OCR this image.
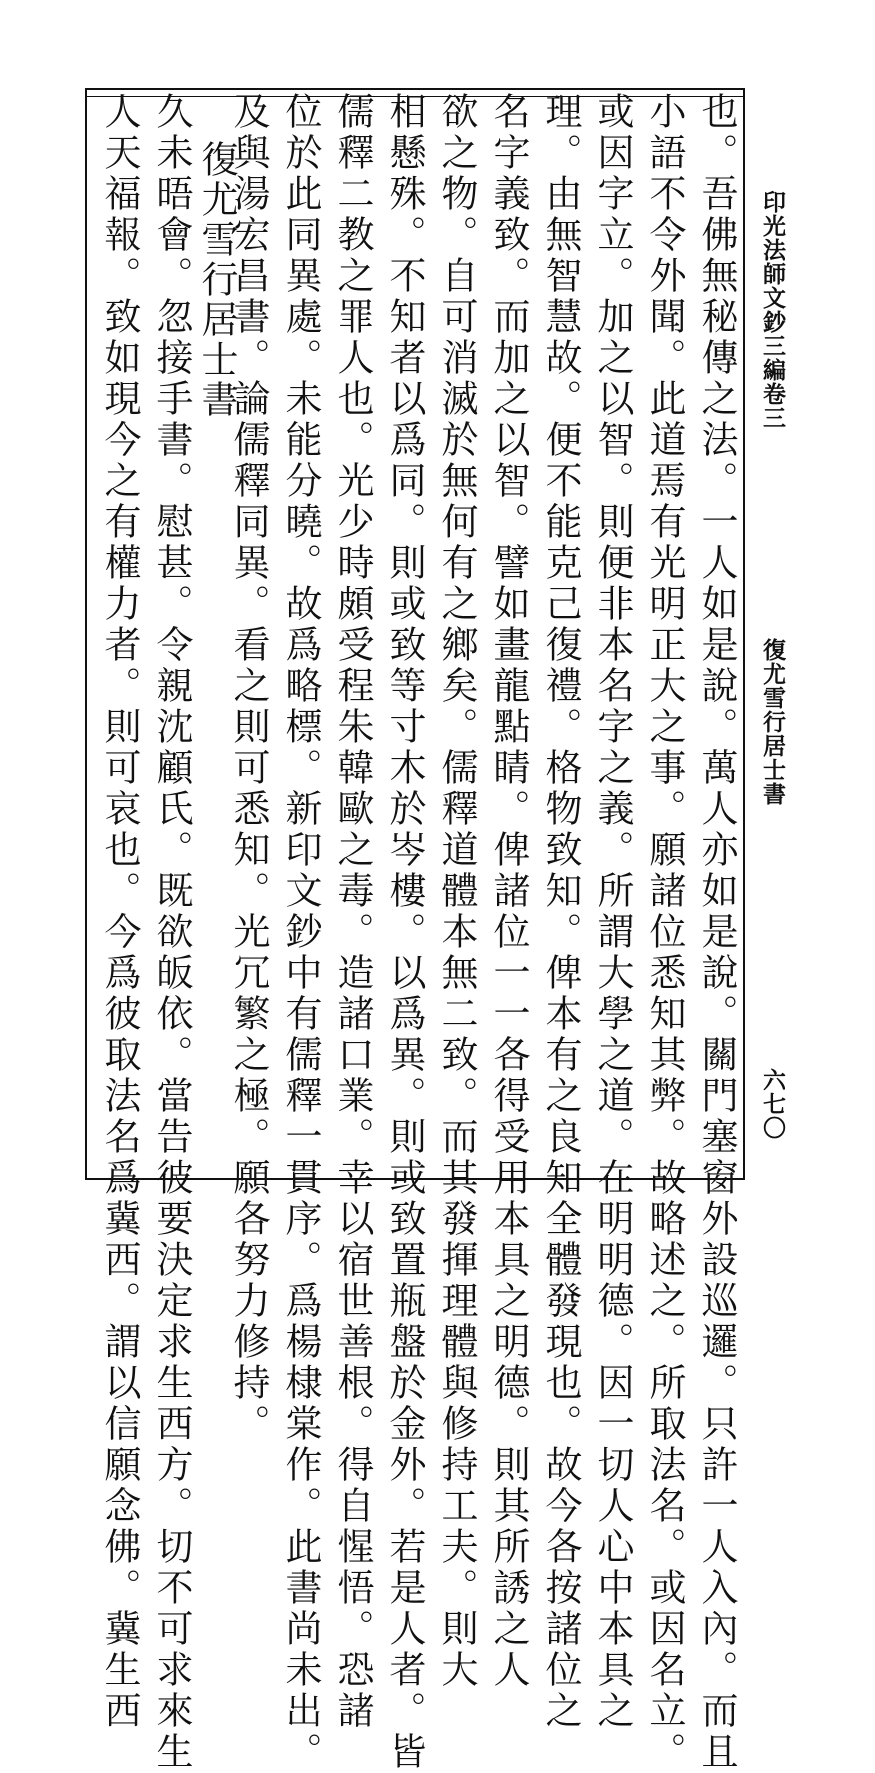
印光法師文鈔三編卷三
復尤雪行居士書
六七〇
也。吾佛無秘傳之法。一人如是說。萬人亦如是說。關門塞窗外設巡邏。只許一人入內。而且
小語不令外聞。此道焉有光明正大之事。願諸位悉知其弊。故略述之。所取法名。或因名立。
或因字立。加之以智。則便非本名字之義。所謂大學之道。在明明德。因一切人心中本具之
理。由無智慧故。便不能克己復禮。格物致知。俾本有之良知全體發現也。故今各按諸位之
名字義致。而加之以智。譬如畫龍點睛。俾諸位一一各得受用本具之明德。則其所誘之人
欲之物。自可消滅於無何有之鄉矣。儒釋道體本無二致。而其發揮理體與修持工夫。則大
相懸殊。不知者以爲同。則或致等寸木於岑樓。以爲異。則或致置瓶盤於金外。若是人者。皆
儒釋二教之罪人也。光少時頗受程朱韓歐之毒。造諸口業。幸以宿世善根。得自惺悟。恐諸
位於此同異處。未能分曉。故爲略標。新印文鈔中有儒釋一貫序。爲楊棣棠作。此書尚未出。
及與湯宏昌書。論儒釋同異。看之則可悉知。光冗繁之極。願各努力修持。
復尤雪行居士書
久未晤會。忽接手書。慰甚。令親沈顧氏。既欲皈依。當告彼要決定求生西方。切不可求來生
人天福報。致如現今之有權力者。則可哀也。今爲彼取法名爲冀西。謂以信願念佛。冀生西
